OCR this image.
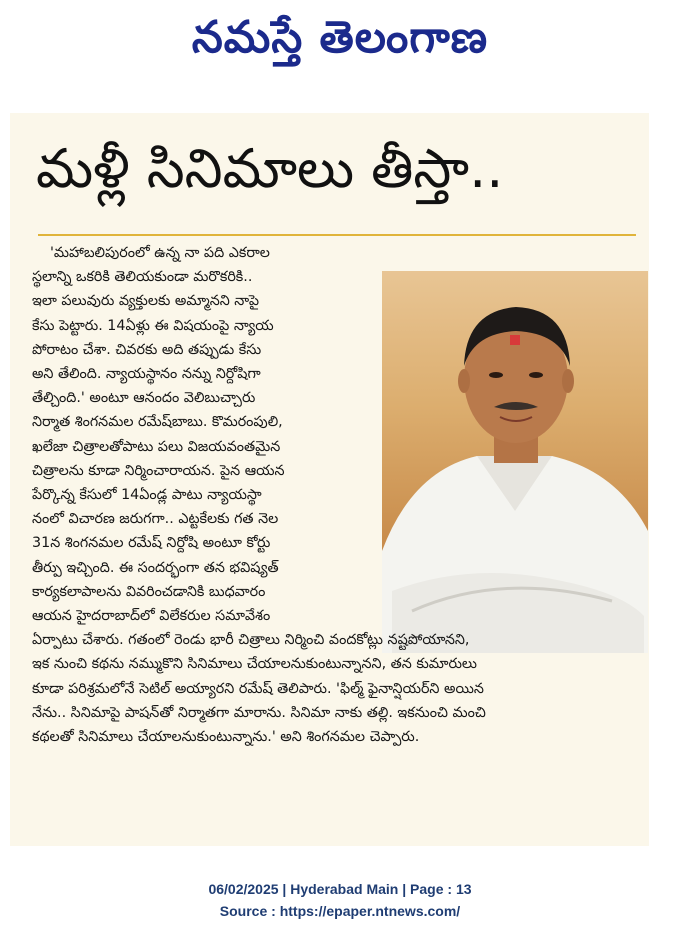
నమస్తే తెలంగాణ
మళ్లీ సినిమాలు తీస్తా..
'మహాబలిపురంలో ఉన్న నా పది ఎకరాల
స్థలాన్ని ఒకరికి తెలియకుండా మరొకరికి..
ఇలా పలువురు వ్యక్తులకు అమ్మానని నాపై
కేసు పెట్టారు. 14ఏళ్లు ఈ విషయంపై న్యాయ
పోరాటం చేశా. చివరకు అది తప్పుడు కేసు
అని తేలింది. న్యాయస్థానం నన్ను నిర్దోషిగా
తేల్చింది.' అంటూ ఆనందం వెలిబుచ్చారు
నిర్మాత శింగనమల రమేష్‌బాబు. కొమరంపులి,
ఖలేజా చిత్రాలతోపాటు పలు విజయవంతమైన
చిత్రాలను కూడా నిర్మించారాయన. పైన ఆయన
పేర్కొన్న కేసులో 14ఏండ్ల పాటు న్యాయస్థా
నంలో విచారణ జరుగగా.. ఎట్టకేలకు గత నెల
31న శింగనమల రమేష్ నిర్దోషి అంటూ కోర్టు
తీర్పు ఇచ్చింది. ఈ సందర్భంగా తన భవిష్యత్
కార్యకలాపాలను వివరించడానికి బుధవారం
ఆయన హైదరాబాద్‌లో విలేకరుల సమావేశం
ఏర్పాటు చేశారు. గతంలో రెండు భారీ చిత్రాలు నిర్మించి వందకోట్లు నష్టపోయానని,
ఇక నుంచి కథను నమ్ముకొని సినిమాలు చేయాలనుకుంటున్నానని, తన కుమారులు
కూడా పరిశ్రమలోనే సెటిల్ అయ్యారని రమేష్ తెలిపారు. 'ఫిల్మ్ ఫైనాన్షియర్‌ని అయిన
నేను.. సినిమాపై పాషన్‌తో నిర్మాతగా మారాను. సినిమా నాకు తల్లి. ఇకనుంచి మంచి
కథలతో సినిమాలు చేయాలనుకుంటున్నాను.' అని శింగనమల చెప్పారు.
06/02/2025 | Hyderabad Main | Page : 13
Source : https://epaper.ntnews.com/
